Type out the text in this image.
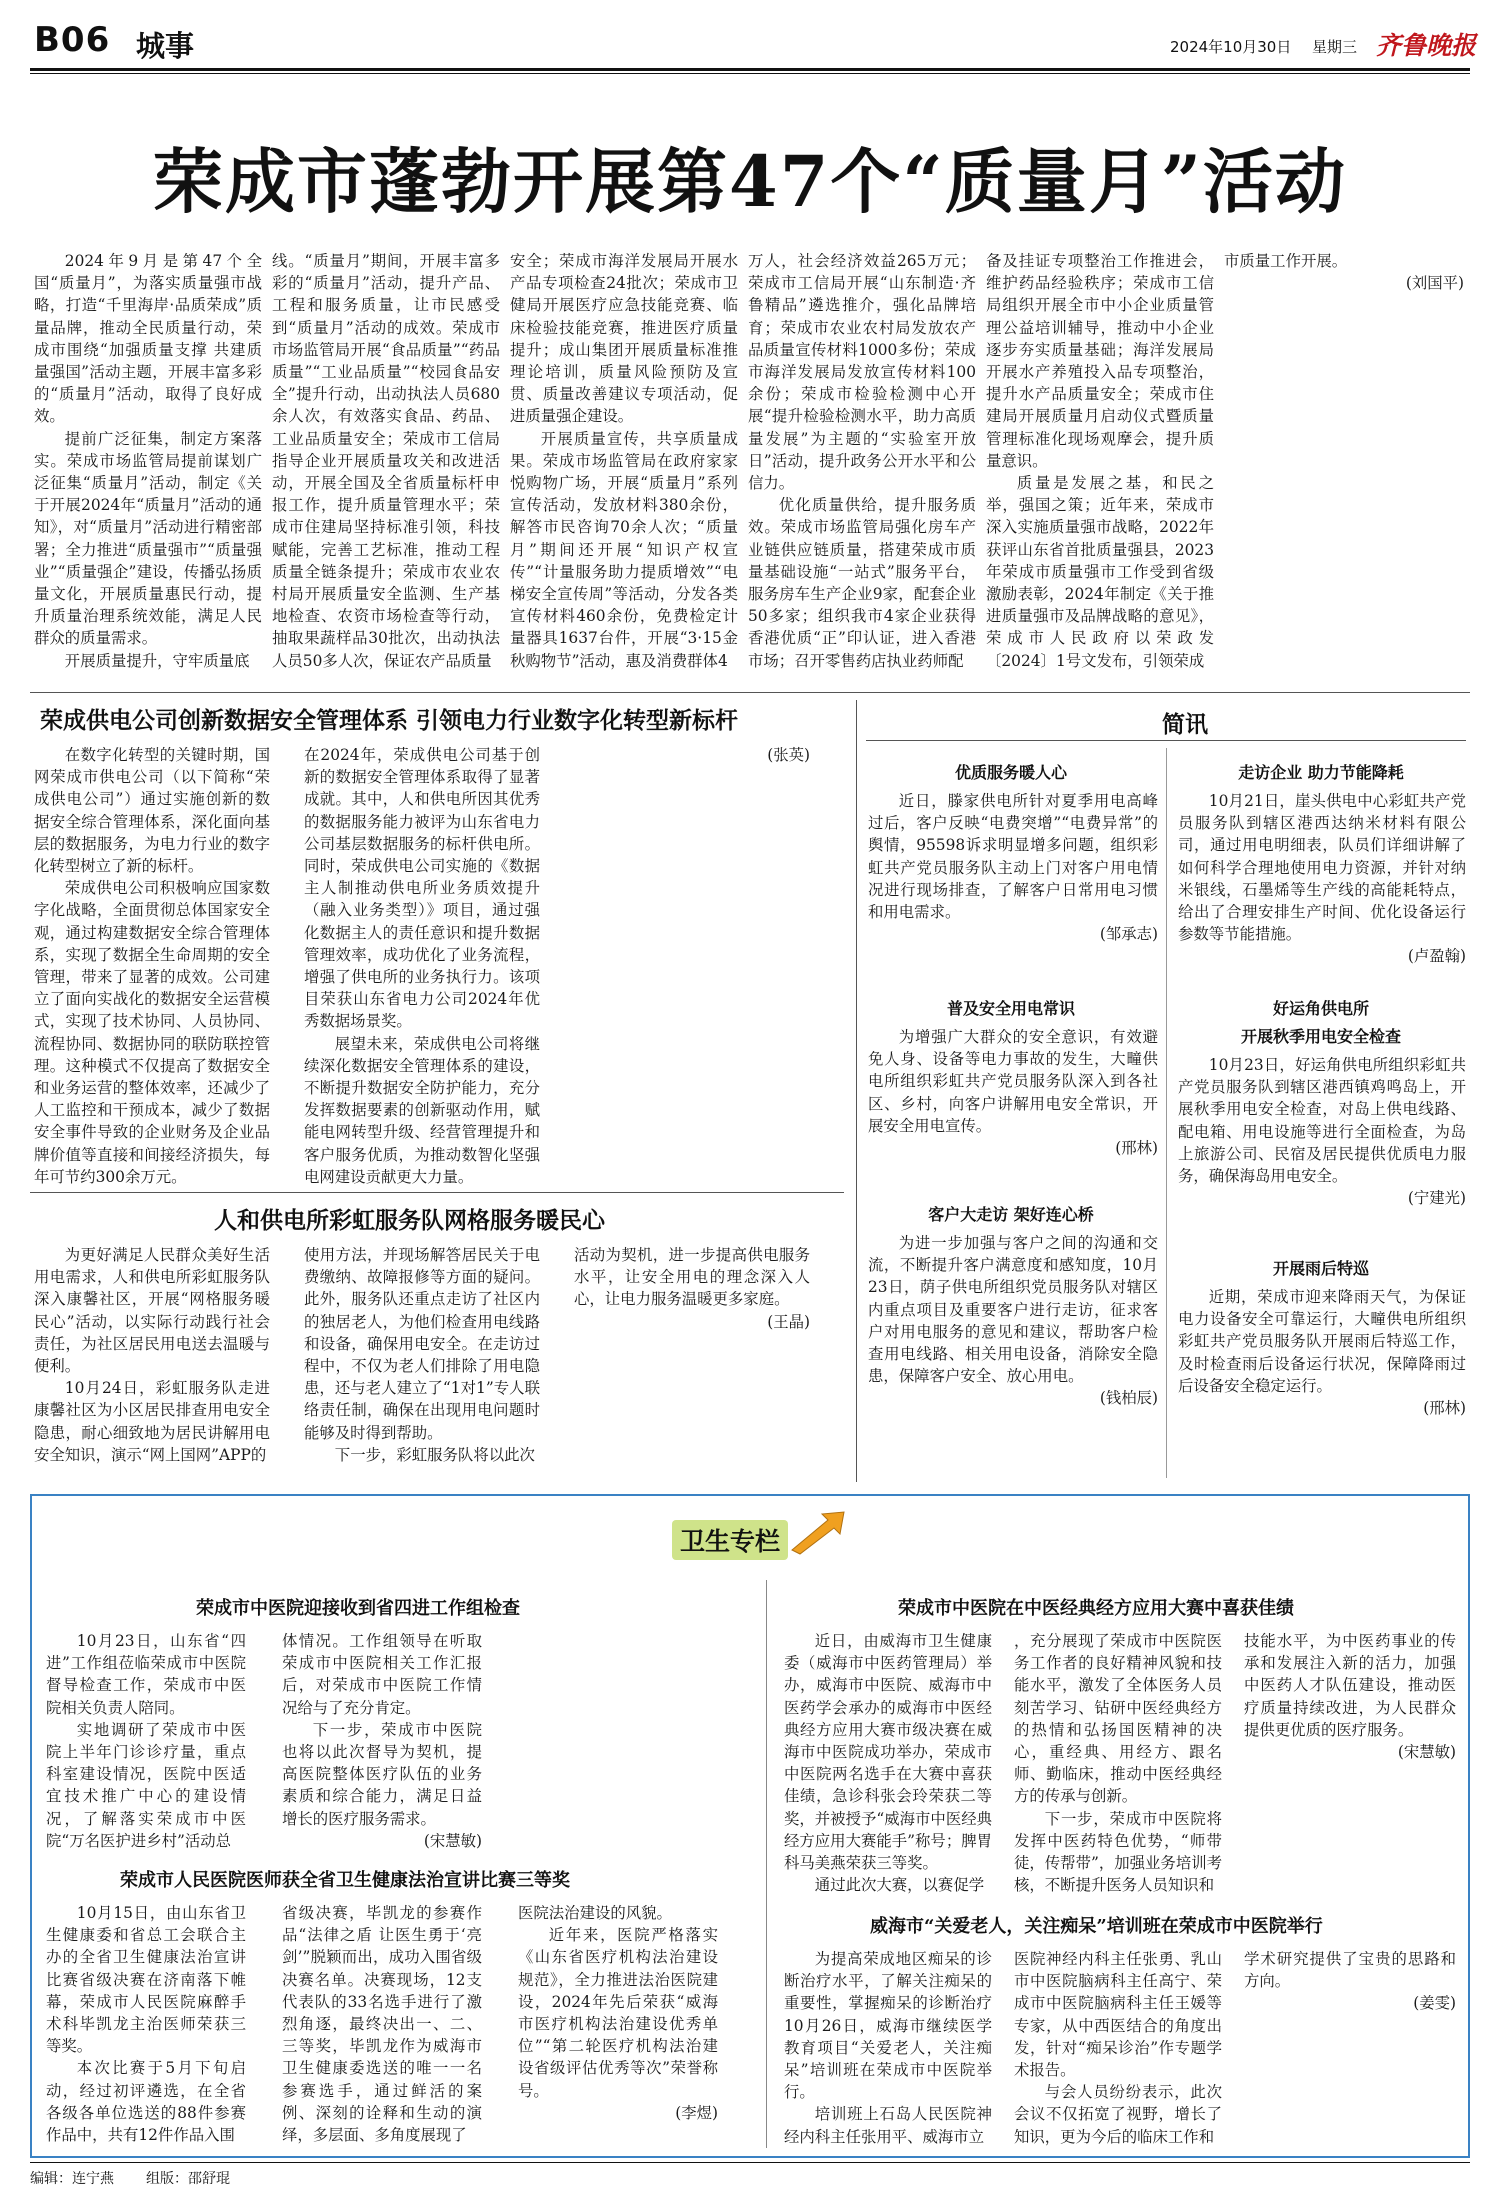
B06 城事	2024年10月30日 星期三 齐鲁晚报
荣成市蓬勃开展第47个“质量月”活动

2024年9月是第47个全国“质量月”，为落实质量强市战略，打造“千里海岸·品质荣成”质量品牌，推动全民质量行动，荣成市围绕“加强质量支撑 共建质量强国”活动主题，开展丰富多彩的“质量月”活动，取得了良好成效。

提前广泛征集，制定方案落实。荣成市场监管局提前谋划广泛征集“质量月”活动，制定《关于开展2024年“质量月”活动的通知》，对“质量月”活动进行精密部署；全力推进“质量强市”“质量强业”“质量强企”建设，传播弘扬质量文化，开展质量惠民行动，提升质量治理系统效能，满足人民群众的质量需求。

开展质量提升，守牢质量底

线。“质量月”期间，开展丰富多彩的“质量月”活动，提升产品、工程和服务质量，让市民感受到“质量月”活动的成效。荣成市市场监管局开展“食品质量”“药品质量”“工业品质量”“校园食品安全”提升行动，出动执法人员680余人次，有效落实食品、药品、工业品质量安全；荣成市工信局指导企业开展质量攻关和改进活动，开展全国及全省质量标杆申报工作，提升质量管理水平；荣成市住建局坚持标准引领，科技赋能，完善工艺标准，推动工程质量全链条提升；荣成市农业农村局开展质量安全监测、生产基地检查、农资市场检查等行动，抽取果蔬样品30批次，出动执法人员50多人次，保证农产品质量

安全；荣成市海洋发展局开展水产品专项检查24批次；荣成市卫健局开展医疗应急技能竞赛、临床检验技能竞赛，推进医疗质量提升；成山集团开展质量标准推理论培训，质量风险预防及宣贯、质量改善建议专项活动，促进质量强企建设。

开展质量宣传，共享质量成果。荣成市场监管局在政府家家悦购物广场，开展“质量月”系列宣传活动，发放材料380余份，解答市民咨询70余人次；“质量月”期间还开展“知识产权宣传”“计量服务助力提质增效”“电梯安全宣传周”等活动，分发各类宣传材料460余份，免费检定计量器具1637台件，开展“3·15金秋购物节”活动，惠及消费群体4

万人，社会经济效益265万元；荣成市工信局开展“山东制造·齐鲁精品”遴选推介，强化品牌培育；荣成市农业农村局发放农产品质量宣传材料1000多份；荣成市海洋发展局发放宣传材料100余份；荣成市检验检测中心开展“提升检验检测水平，助力高质量发展”为主题的“实验室开放日”活动，提升政务公开水平和公信力。

优化质量供给，提升服务质效。荣成市场监管局强化房车产业链供应链质量，搭建荣成市质量基础设施“一站式”服务平台，服务房车生产企业9家，配套企业50多家；组织我市4家企业获得香港优质“正”印认证，进入香港市场；召开零售药店执业药师配

备及挂证专项整治工作推进会，维护药品经验秩序；荣成市工信局组织开展全市中小企业质量管理公益培训辅导，推动中小企业逐步夯实质量基础；海洋发展局开展水产养殖投入品专项整治，提升水产品质量安全；荣成市住建局开展质量月启动仪式暨质量管理标准化现场观摩会，提升质量意识。

质量是发展之基，和民之举，强国之策；近年来，荣成市深入实施质量强市战略，2022年获评山东省首批质量强县，2023年荣成市质量强市工作受到省级激励表彰，2024年制定《关于推进质量强市及品牌战略的意见》，荣成市人民政府以荣政发〔2024〕1号文发布，引领荣成

市质量工作开展。

(刘国平)

荣成供电公司创新数据安全管理体系 引领电力行业数字化转型新标杆

在数字化转型的关键时期，国网荣成市供电公司（以下简称“荣成供电公司”）通过实施创新的数据安全综合管理体系，深化面向基层的数据服务，为电力行业的数字化转型树立了新的标杆。

荣成供电公司积极响应国家数字化战略，全面贯彻总体国家安全观，通过构建数据安全综合管理体系，实现了数据全生命周期的安全管理，带来了显著的成效。公司建立了面向实战化的数据安全运营模式，实现了技术协同、人员协同、流程协同、数据协同的联防联控管理。这种模式不仅提高了数据安全和业务运营的整体效率，还减少了人工监控和干预成本，减少了数据安全事件导致的企业财务及企业品牌价值等直接和间接经济损失，每年可节约300余万元。

在2024年，荣成供电公司基于创新的数据安全管理体系取得了显著成就。其中，人和供电所因其优秀的数据服务能力被评为山东省电力公司基层数据服务的标杆供电所。同时，荣成供电公司实施的《数据主人制推动供电所业务质效提升（融入业务类型）》项目，通过强化数据主人的责任意识和提升数据管理效率，成功优化了业务流程，增强了供电所的业务执行力。该项目荣获山东省电力公司2024年优秀数据场景奖。

展望未来，荣成供电公司将继续深化数据安全管理体系的建设，不断提升数据安全防护能力，充分发挥数据要素的创新驱动作用，赋能电网转型升级、经营管理提升和客户服务优质，为推动数智化坚强电网建设贡献更大力量。

(张英)

人和供电所彩虹服务队网格服务暖民心

为更好满足人民群众美好生活用电需求，人和供电所彩虹服务队深入康馨社区，开展“网格服务暖民心”活动，以实际行动践行社会责任，为社区居民用电送去温暖与便利。

10月24日，彩虹服务队走进康馨社区为小区居民排查用电安全隐患，耐心细致地为居民讲解用电安全知识，演示“网上国网”APP的

使用方法，并现场解答居民关于电费缴纳、故障报修等方面的疑问。此外，服务队还重点走访了社区内的独居老人，为他们检查用电线路和设备，确保用电安全。在走访过程中，不仅为老人们排除了用电隐患，还与老人建立了“1对1”专人联络责任制，确保在出现用电问题时能够及时得到帮助。

下一步，彩虹服务队将以此次

活动为契机，进一步提高供电服务水平，让安全用电的理念深入人心，让电力服务温暖更多家庭。

(王晶)

简讯
优质服务暖人心

近日，滕家供电所针对夏季用电高峰过后，客户反映“电费突增”“电费异常”的舆情，95598诉求明显增多问题，组织彩虹共产党员服务队主动上门对客户用电情况进行现场排查，了解客户日常用电习惯和用电需求。

(邹承志)

普及安全用电常识

为增强广大群众的安全意识，有效避免人身、设备等电力事故的发生，大疃供电所组织彩虹共产党员服务队深入到各社区、乡村，向客户讲解用电安全常识，开展安全用电宣传。

(邢林)

客户大走访 架好连心桥

为进一步加强与客户之间的沟通和交流，不断提升客户满意度和感知度，10月23日，荫子供电所组织党员服务队对辖区内重点项目及重要客户进行走访，征求客户对用电服务的意见和建议，帮助客户检查用电线路、相关用电设备，消除安全隐患，保障客户安全、放心用电。

(钱柏辰)

走访企业 助力节能降耗

10月21日，崖头供电中心彩虹共产党员服务队到辖区港西达纳米材料有限公司，通过用电明细表，队员们详细讲解了如何科学合理地使用电力资源，并针对纳米银线，石墨烯等生产线的高能耗特点，给出了合理安排生产时间、优化设备运行参数等节能措施。

(卢盈翰)

好运角供电所
开展秋季用电安全检查

10月23日，好运角供电所组织彩虹共产党员服务队到辖区港西镇鸡鸣岛上，开展秋季用电安全检查，对岛上供电线路、配电箱、用电设施等进行全面检查，为岛上旅游公司、民宿及居民提供优质电力服务，确保海岛用电安全。

(宁建光)

开展雨后特巡

近期，荣成市迎来降雨天气，为保证电力设备安全可靠运行，大疃供电所组织彩虹共产党员服务队开展雨后特巡工作，及时检查雨后设备运行状况，保障降雨过后设备安全稳定运行。

(邢林)

卫生专栏
荣成市中医院迎接收到省四进工作组检查

10月23日，山东省“四进”工作组莅临荣成市中医院督导检查工作，荣成市中医院相关负责人陪同。

实地调研了荣成市中医院上半年门诊诊疗量，重点科室建设情况，医院中医适宜技术推广中心的建设情况，了解落实荣成市中医院“万名医护进乡村”活动总

体情况。工作组领导在听取荣成市中医院相关工作汇报后，对荣成市中医院工作情况给与了充分肯定。

下一步，荣成市中医院也将以此次督导为契机，提高医院整体医疗队伍的业务素质和综合能力，满足日益增长的医疗服务需求。

(宋慧敏)

荣成市人民医院医师获全省卫生健康法治宣讲比赛三等奖

10月15日，由山东省卫生健康委和省总工会联合主办的全省卫生健康法治宣讲比赛省级决赛在济南落下帷幕，荣成市人民医院麻醉手术科毕凯龙主治医师荣获三等奖。

本次比赛于5月下旬启动，经过初评遴选，在全省各级各单位选送的88件参赛作品中，共有12件作品入围

省级决赛，毕凯龙的参赛作品“法律之盾 让医生勇于‘亮剑’”脱颖而出，成功入围省级决赛名单。决赛现场，12支代表队的33名选手进行了激烈角逐，最终决出一、二、三等奖，毕凯龙作为威海市卫生健康委选送的唯一一名参赛选手，通过鲜活的案例、深刻的诠释和生动的演绎，多层面、多角度展现了

医院法治建设的风貌。

近年来，医院严格落实《山东省医疗机构法治建设规范》，全力推进法治医院建设，2024年先后荣获“威海市医疗机构法治建设优秀单位”“第二轮医疗机构法治建设省级评估优秀等次”荣誉称号。

(李煜)

荣成市中医院在中医经典经方应用大赛中喜获佳绩

近日，由威海市卫生健康委（威海市中医药管理局）举办，威海市中医院、威海市中医药学会承办的威海市中医经典经方应用大赛市级决赛在威海市中医院成功举办，荣成市中医院两名选手在大赛中喜获佳绩，急诊科张会玲荣获二等奖，并被授予“威海市中医经典经方应用大赛能手”称号；脾胃科马美燕荣获三等奖。

通过此次大赛，以赛促学

，充分展现了荣成市中医院医务工作者的良好精神风貌和技能水平，激发了全体医务人员刻苦学习、钻研中医经典经方的热情和弘扬国医精神的决心，重经典、用经方、跟名师、勤临床，推动中医经典经方的传承与创新。

下一步，荣成市中医院将发挥中医药特色优势，“师带徒，传帮带”，加强业务培训考核，不断提升医务人员知识和

技能水平，为中医药事业的传承和发展注入新的活力，加强中医药人才队伍建设，推动医疗质量持续改进，为人民群众提供更优质的医疗服务。

(宋慧敏)

威海市“关爱老人，关注痴呆”培训班在荣成市中医院举行

为提高荣成地区痴呆的诊断治疗水平，了解关注痴呆的重要性，掌握痴呆的诊断治疗10月26日，威海市继续医学教育项目“关爱老人，关注痴呆”培训班在荣成市中医院举行。

培训班上石岛人民医院神经内科主任张用平、威海市立

医院神经内科主任张勇、乳山市中医院脑病科主任高宁、荣成市中医院脑病科主任王媛等专家，从中西医结合的角度出发，针对“痴呆诊治”作专题学术报告。

与会人员纷纷表示，此次会议不仅拓宽了视野，增长了知识，更为今后的临床工作和

学术研究提供了宝贵的思路和方向。

(姜雯)

编辑：连宁燕 组版：邵舒琨
